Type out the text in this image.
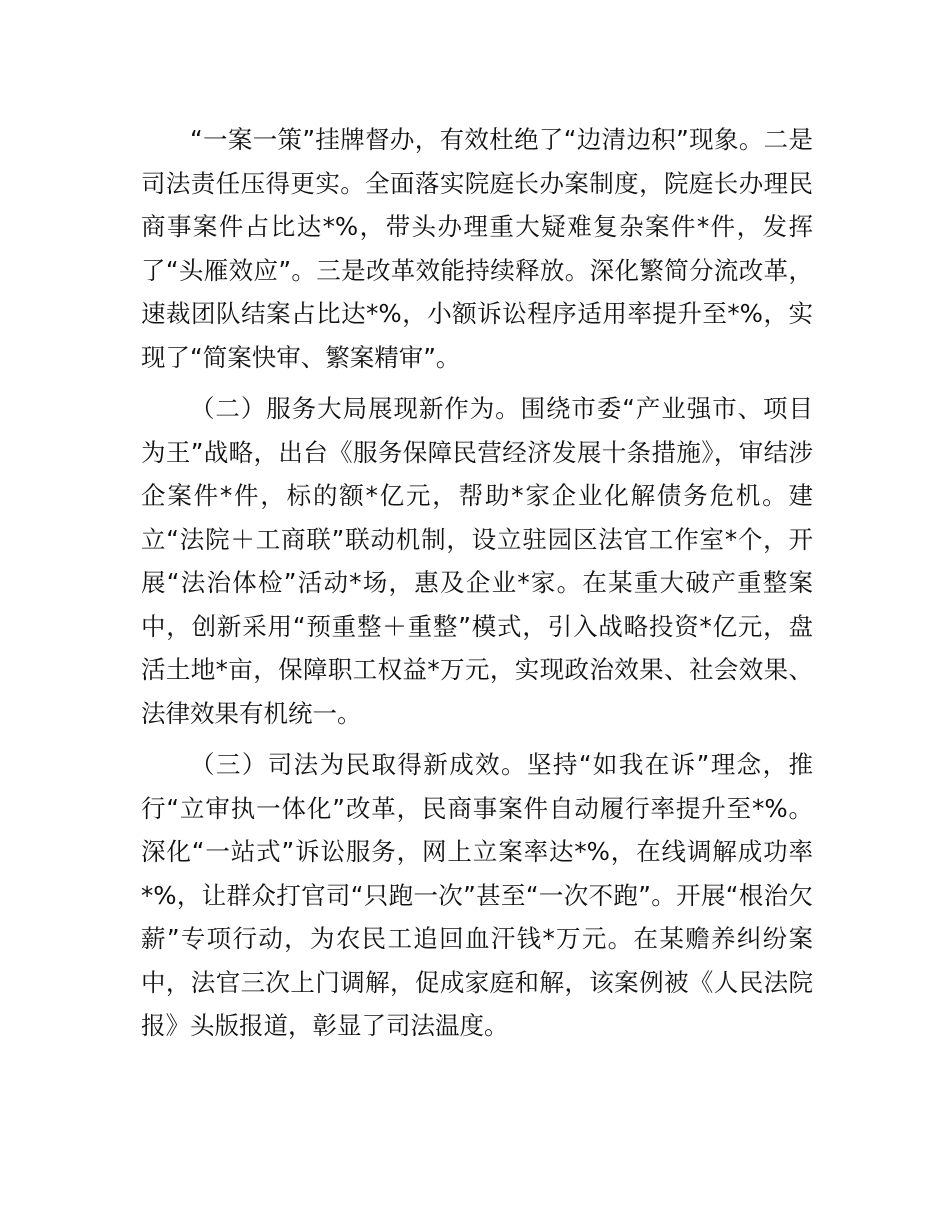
“一案一策”挂牌督办，有效杜绝了“边清边积”现象。二是司法责任压得更实。全面落实院庭长办案制度，院庭长办理民商事案件占比达*%，带头办理重大疑难复杂案件*件，发挥了“头雁效应”。三是改革效能持续释放。深化繁简分流改革，速裁团队结案占比达*%，小额诉讼程序适用率提升至*%，实现了“简案快审、繁案精审”。

（二）服务大局展现新作为。围绕市委“产业强市、项目为王”战略，出台《服务保障民营经济发展十条措施》，审结涉企案件*件，标的额*亿元，帮助*家企业化解债务危机。建立“法院＋工商联”联动机制，设立驻园区法官工作室*个，开展“法治体检”活动*场，惠及企业*家。在某重大破产重整案中，创新采用“预重整＋重整”模式，引入战略投资*亿元，盘活土地*亩，保障职工权益*万元，实现政治效果、社会效果、法律效果有机统一。

（三）司法为民取得新成效。坚持“如我在诉”理念，推行“立审执一体化”改革，民商事案件自动履行率提升至*%。深化“一站式”诉讼服务，网上立案率达*%，在线调解成功率*%，让群众打官司“只跑一次”甚至“一次不跑”。开展“根治欠薪”专项行动，为农民工追回血汗钱*万元。在某赡养纠纷案中，法官三次上门调解，促成家庭和解，该案例被《人民法院报》头版报道，彰显了司法温度。
